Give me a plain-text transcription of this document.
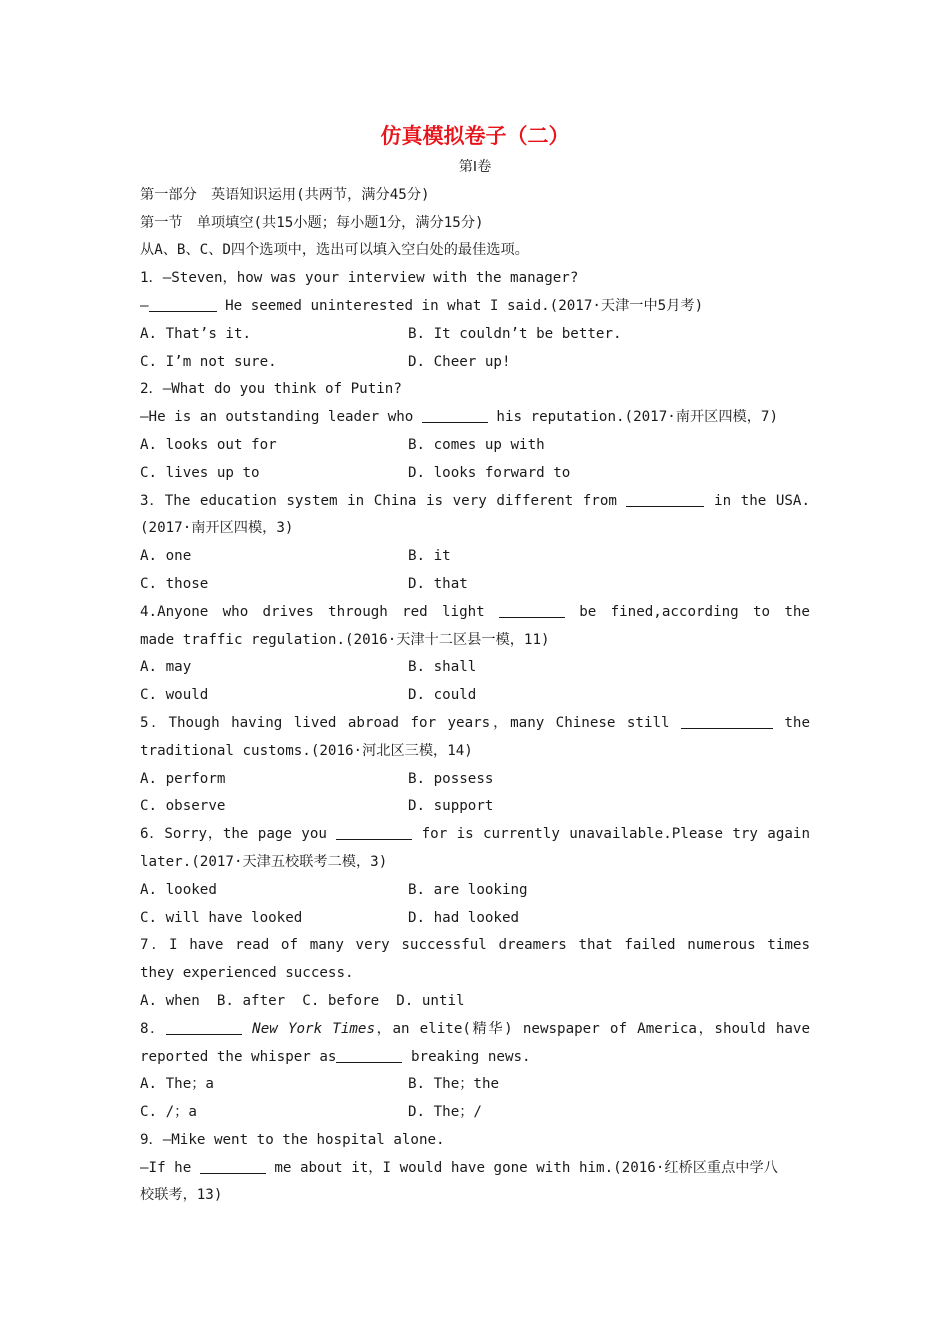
仿真模拟卷子（二）
第Ⅰ卷
第一部分　英语知识运用(共两节，满分45分)
第一节　单项填空(共15小题；每小题1分，满分15分)
从A、B、C、D四个选项中，选出可以填入空白处的最佳选项。
1．—Steven，how was your interview with the manager?
—	He seemed uninterested in what I said.(2017·天津一中5月考)
A. That’s it.	B. It couldn’t be better.
C. I’m not sure.	D. Cheer up!
2．—What do you think of Putin?
—He is an outstanding leader who	his reputation.(2017·南开区四模，7)
A. looks out for	B. comes up with
C. lives up to	D. looks forward to
3．The education system in China is very different from	in the USA.
(2017·南开区四模，3)
A. one	B. it
C. those	D. that
4.Anyone who drives through red light	be fined,according to the
made traffic regulation.(2016·天津十二区县一模，11)
A. may	B. shall
C. would	D. could
5．Though having lived abroad for years，many Chinese still	the
traditional customs.(2016·河北区三模，14)
A. perform	B. possess
C. observe	D. support
6．Sorry，the page you	for is currently unavailable.Please try again
later.(2017·天津五校联考二模，3)
A. looked	B. are looking
C. will have looked	D. had looked
7．I have read of many very successful dreamers that failed numerous times
they experienced success.
A. when  B. after  C. before  D. until
8．	New York Times，an elite(精华) newspaper of America，should have
reported the whisper as	breaking news.
A. The；a	B. The；the
C. /；a	D. The；/
9．—Mike went to the hospital alone.
—If he	me about it，I would have gone with him.(2016·红桥区重点中学八
校联考，13)
